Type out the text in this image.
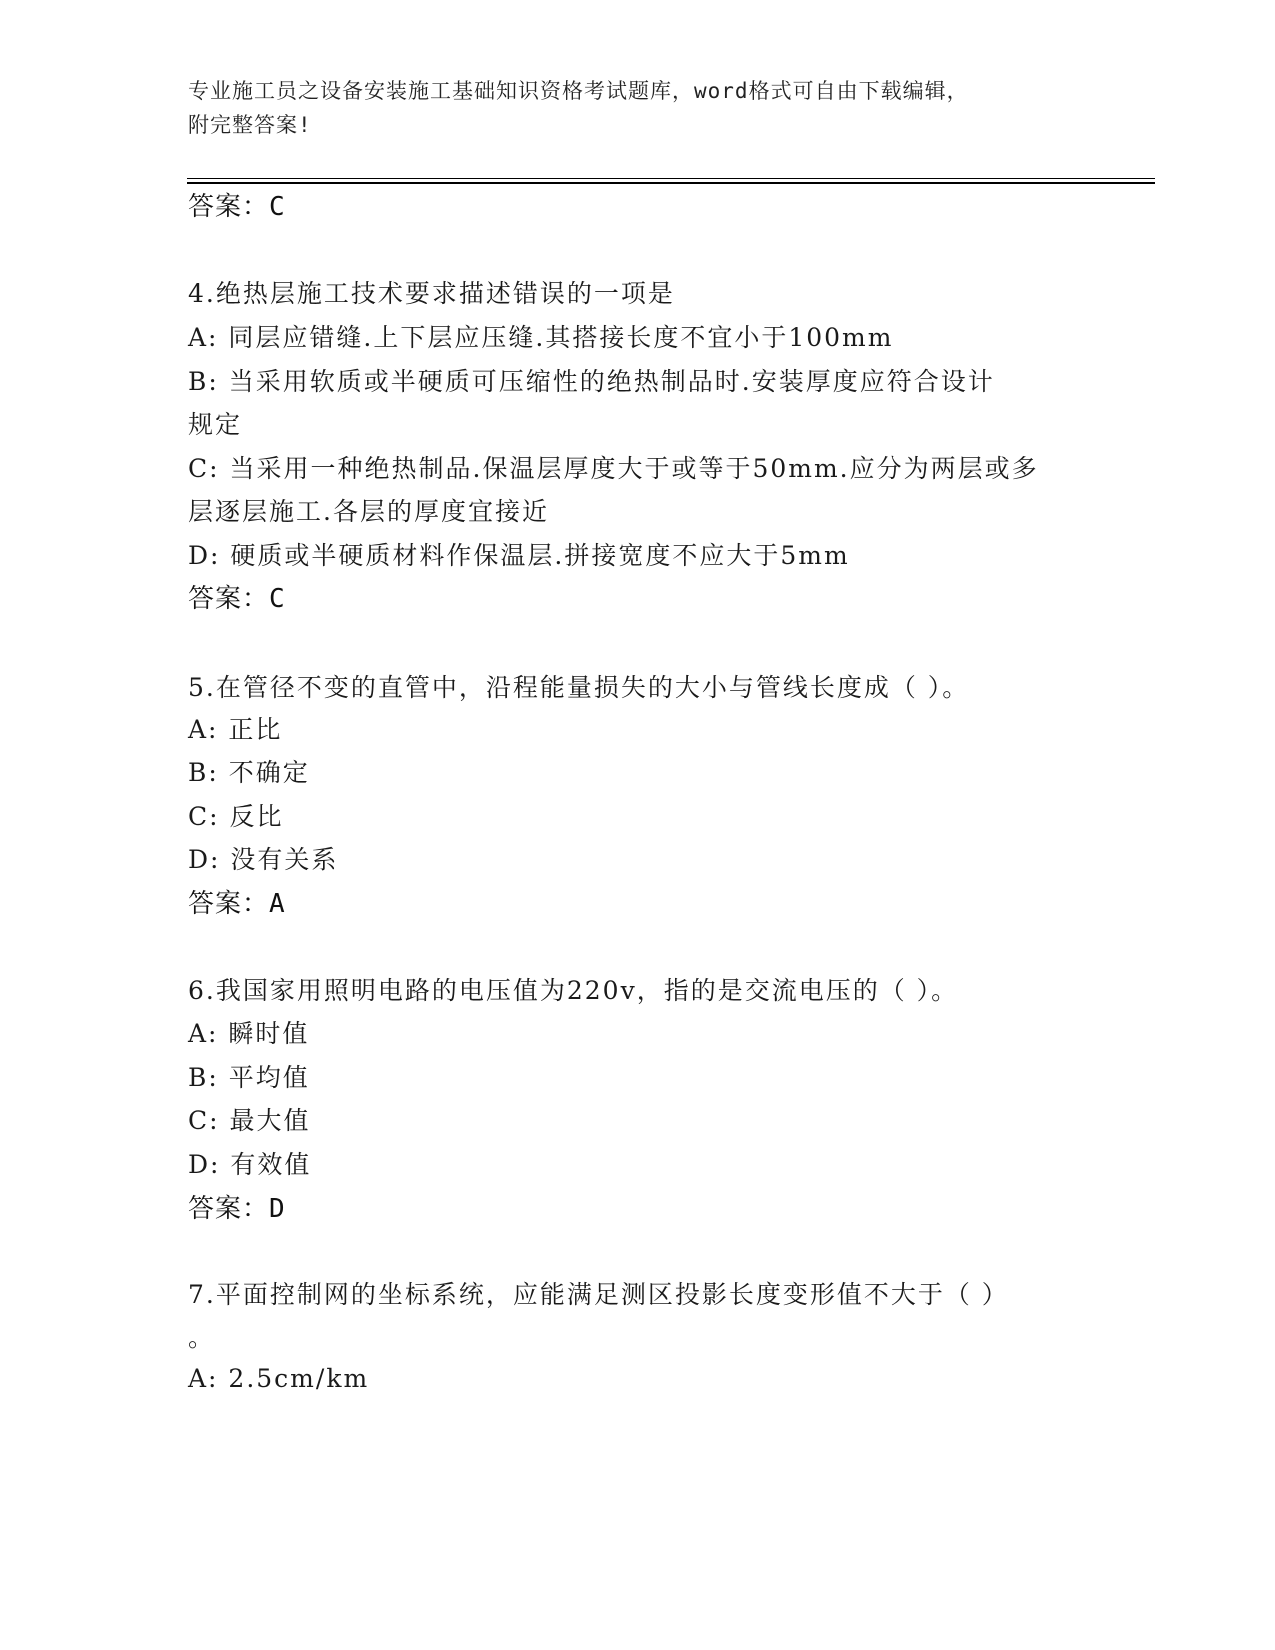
专业施工员之设备安装施工基础知识资格考试题库，word格式可自由下载编辑，
附完整答案!
答案：C
4.绝热层施工技术要求描述错误的一项是
A: 同层应错缝.上下层应压缝.其搭接长度不宜小于100mm
B: 当采用软质或半硬质可压缩性的绝热制品时.安装厚度应符合设计
规定
C: 当采用一种绝热制品.保温层厚度大于或等于50mm.应分为两层或多
层逐层施工.各层的厚度宜接近
D: 硬质或半硬质材料作保温层.拼接宽度不应大于5mm
答案：C
5.在管径不变的直管中，沿程能量损失的大小与管线长度成（ ）。
A: 正比
B: 不确定
C: 反比
D: 没有关系
答案：A
6.我国家用照明电路的电压值为220v，指的是交流电压的（ ）。
A: 瞬时值
B: 平均值
C: 最大值
D: 有效值
答案：D
7.平面控制网的坐标系统，应能满足测区投影长度变形值不大于（ ）
。
A: 2.5cm/km
